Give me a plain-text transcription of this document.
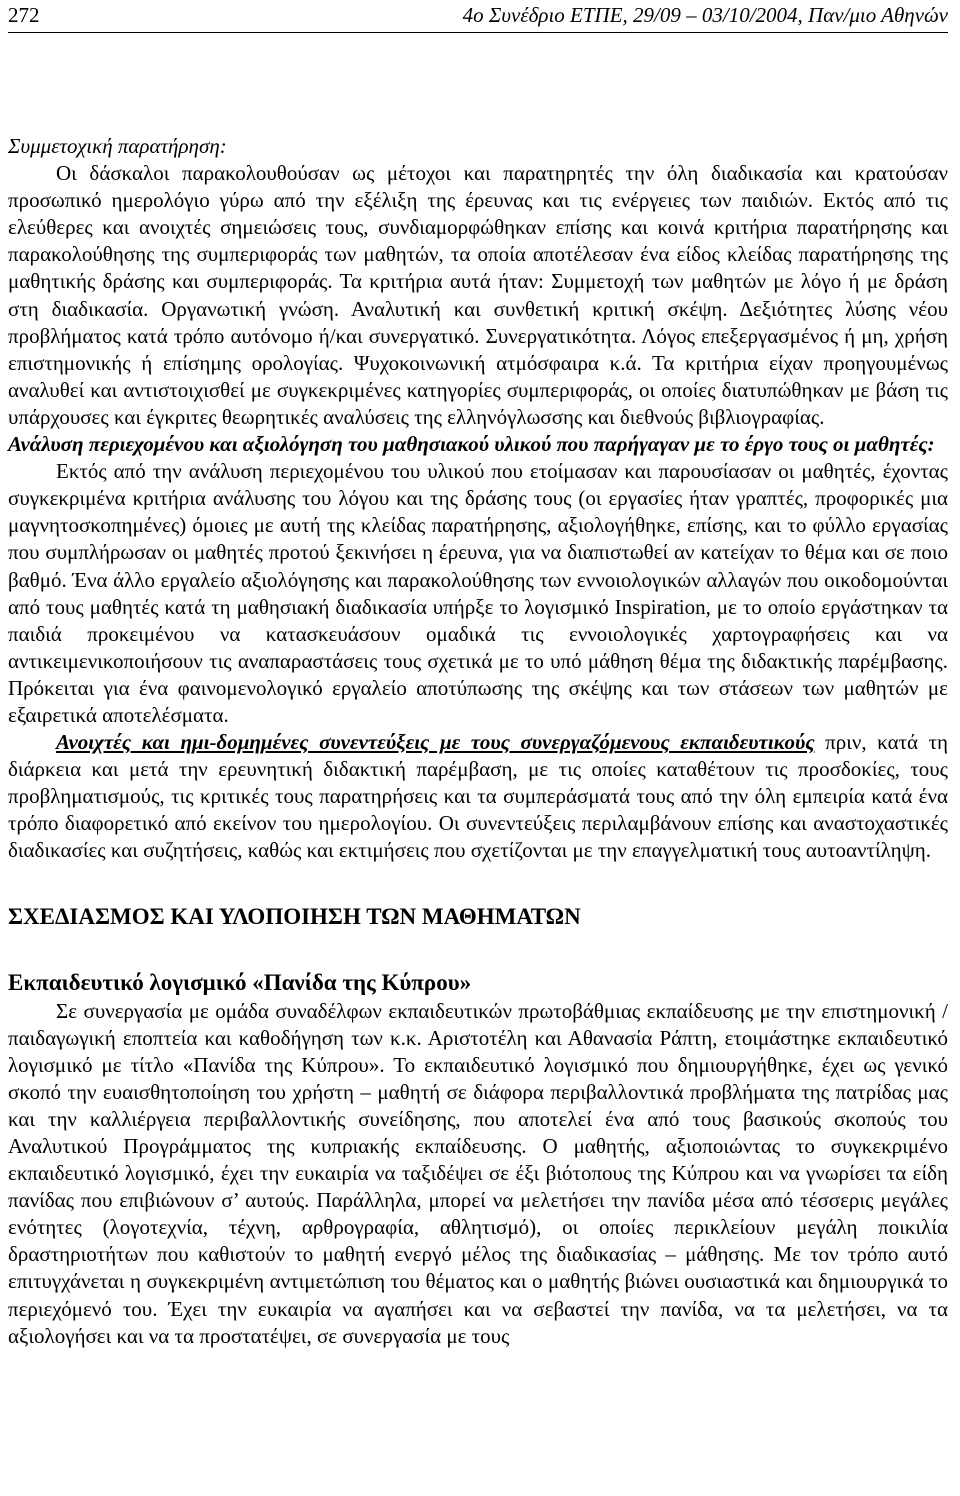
272	4ο Συνέδριο ΕΤΠΕ, 29/09 – 03/10/2004, Παν/μιο Αθηνών

Συμμετοχική παρατήρηση:

Οι δάσκαλοι παρακολουθούσαν ως μέτοχοι και παρατηρητές την όλη διαδικασία και κρατούσαν προσωπικό ημερολόγιο γύρω από την εξέλιξη της έρευνας και τις ενέργειες των παιδιών. Εκτός από τις ελεύθερες και ανοιχτές σημειώσεις τους, συνδιαμορφώθηκαν επίσης και κοινά κριτήρια παρατήρησης και παρακολούθησης της συμπεριφοράς των μαθητών, τα οποία αποτέλεσαν ένα είδος κλείδας παρατήρησης της μαθητικής δράσης και συμπεριφοράς. Τα κριτήρια αυτά ήταν: Συμμετοχή των μαθητών με λόγο ή με δράση στη διαδικασία. Οργανωτική γνώση. Αναλυτική και συνθετική κριτική σκέψη. Δεξιότητες λύσης νέου προβλήματος κατά τρόπο αυτόνομο ή/και συνεργατικό. Συνεργατικότητα. Λόγος επεξεργασμένος ή μη, χρήση επιστημονικής ή επίσημης ορολογίας. Ψυχοκοινωνική ατμόσφαιρα κ.ά. Τα κριτήρια είχαν προηγουμένως αναλυθεί και αντιστοιχισθεί με συγκεκριμένες κατηγορίες συμπεριφοράς, οι οποίες διατυπώθηκαν με βάση τις υπάρχουσες και έγκριτες θεωρητικές αναλύσεις της ελληνόγλωσσης και διεθνούς βιβλιογραφίας.

Ανάλυση περιεχομένου και αξιολόγηση του μαθησιακού υλικού που παρήγαγαν με το έργο τους οι μαθητές:

Εκτός από την ανάλυση περιεχομένου του υλικού που ετοίμασαν και παρουσίασαν οι μαθητές, έχοντας συγκεκριμένα κριτήρια ανάλυσης του λόγου και της δράσης τους (οι εργασίες ήταν γραπτές, προφορικές μια μαγνητοσκοπημένες) όμοιες με αυτή της κλείδας παρατήρησης, αξιολογήθηκε, επίσης, και το φύλλο εργασίας που συμπλήρωσαν οι μαθητές προτού ξεκινήσει η έρευνα, για να διαπιστωθεί αν κατείχαν το θέμα και σε ποιο βαθμό. Ένα άλλο εργαλείο αξιολόγησης και παρακολούθησης των εννοιολογικών αλλαγών που οικοδομούνται από τους μαθητές κατά τη μαθησιακή διαδικασία υπήρξε το λογισμικό Inspiration, με το οποίο εργάστηκαν τα παιδιά προκειμένου να κατασκευάσουν ομαδικά τις εννοιολογικές χαρτογραφήσεις και να αντικειμενικοποιήσουν τις αναπαραστάσεις τους σχετικά με το υπό μάθηση θέμα της διδακτικής παρέμβασης. Πρόκειται για ένα φαινομενολογικό εργαλείο αποτύπωσης της σκέψης και των στάσεων των μαθητών με εξαιρετικά αποτελέσματα.

Ανοιχτές και ημι-δομημένες συνεντεύξεις με τους συνεργαζόμενους εκπαιδευτικούς πριν, κατά τη διάρκεια και μετά την ερευνητική διδακτική παρέμβαση, με τις οποίες καταθέτουν τις προσδοκίες, τους προβληματισμούς, τις κριτικές τους παρατηρήσεις και τα συμπεράσματά τους από την όλη εμπειρία κατά ένα τρόπο διαφορετικό από εκείνον του ημερολογίου. Οι συνεντεύξεις περιλαμβάνουν επίσης και αναστοχαστικές διαδικασίες και συζητήσεις, καθώς και εκτιμήσεις που σχετίζονται με την επαγγελματική τους αυτοαντίληψη.

ΣΧΕΔΙΑΣΜΟΣ ΚΑΙ ΥΛΟΠΟΙΗΣΗ ΤΩΝ ΜΑΘΗΜΑΤΩΝ
Εκπαιδευτικό λογισμικό «Πανίδα της Κύπρου»

Σε συνεργασία με ομάδα συναδέλφων εκπαιδευτικών πρωτοβάθμιας εκπαίδευσης με την επιστημονική / παιδαγωγική εποπτεία και καθοδήγηση των κ.κ. Αριστοτέλη και Αθανασία Ράπτη, ετοιμάστηκε εκπαιδευτικό λογισμικό με τίτλο «Πανίδα της Κύπρου». Το εκπαιδευτικό λογισμικό που δημιουργήθηκε, έχει ως γενικό σκοπό την ευαισθητοποίηση του χρήστη – μαθητή σε διάφορα περιβαλλοντικά προβλήματα της πατρίδας μας και την καλλιέργεια περιβαλλοντικής συνείδησης, που αποτελεί ένα από τους βασικούς σκοπούς του Αναλυτικού Προγράμματος της κυπριακής εκπαίδευσης. Ο μαθητής, αξιοποιώντας το συγκεκριμένο εκπαιδευτικό λογισμικό, έχει την ευκαιρία να ταξιδέψει σε έξι βιότοπους της Κύπρου και να γνωρίσει τα είδη πανίδας που επιβιώνουν σ’ αυτούς. Παράλληλα, μπορεί να μελετήσει την πανίδα μέσα από τέσσερις μεγάλες ενότητες (λογοτεχνία, τέχνη, αρθρογραφία, αθλητισμό), οι οποίες περικλείουν μεγάλη ποικιλία δραστηριοτήτων που καθιστούν το μαθητή ενεργό μέλος της διαδικασίας – μάθησης. Με τον τρόπο αυτό επιτυγχάνεται η συγκεκριμένη αντιμετώπιση του θέματος και ο μαθητής βιώνει ουσιαστικά και δημιουργικά το περιεχόμενό του. Έχει την ευκαιρία να αγαπήσει και να σεβαστεί την πανίδα, να τα μελετήσει, να τα αξιολογήσει και να τα προστατέψει, σε συνεργασία με τους
